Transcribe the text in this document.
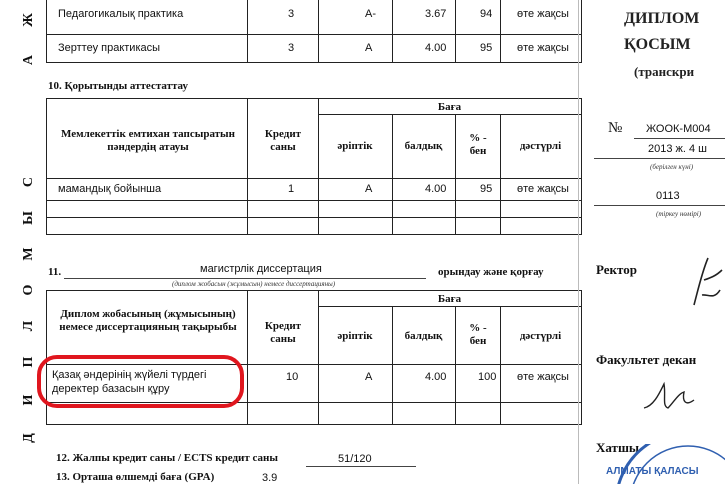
Ж
А
С
Ы
М
О
Л
П
И
Д
Педагогикалық практика	3	А-	3.67	94 өте жақсы
Зерттеу практикасы	3	А	4.00	95 өте жақсы
10. Қорытынды аттестаттау
Мемлекеттік емтихан тапсыратын пәндердің атауы
Кредит саны
Баға
әріптік	балдық
% - бен	дәстүрлі
мамандық бойынша	1	А	4.00	95 өте жақсы
11.	магистрлік диссертация
(диплом жобасын (жұмысын) немесе диссертацияны)
орындау және қорғау
Диплом жобасының (жұмысының) немесе диссертацияның тақырыбы	Кредит саны
Баға
әріптік	балдық
% - бен	дәстүрлі
Қазақ әндерінің жүйелі түрдегі
деректер базасын құру
10	А	4.00	100 өте жақсы
12. Жалпы кредит саны / ECTS кредит саны	51/120
13. Орташа өлшемді баға (GPA)	3.9
ДИПЛОМ
ҚОСЫМ
(транскри
№ ЖООК-М004
2013 ж. 4 ш
(берілген күні)
0113
(тіркеу нөмірі)
Ректор
Факультет декан
Хатшы
АЛМАТЫ ҚАЛАСЫ
